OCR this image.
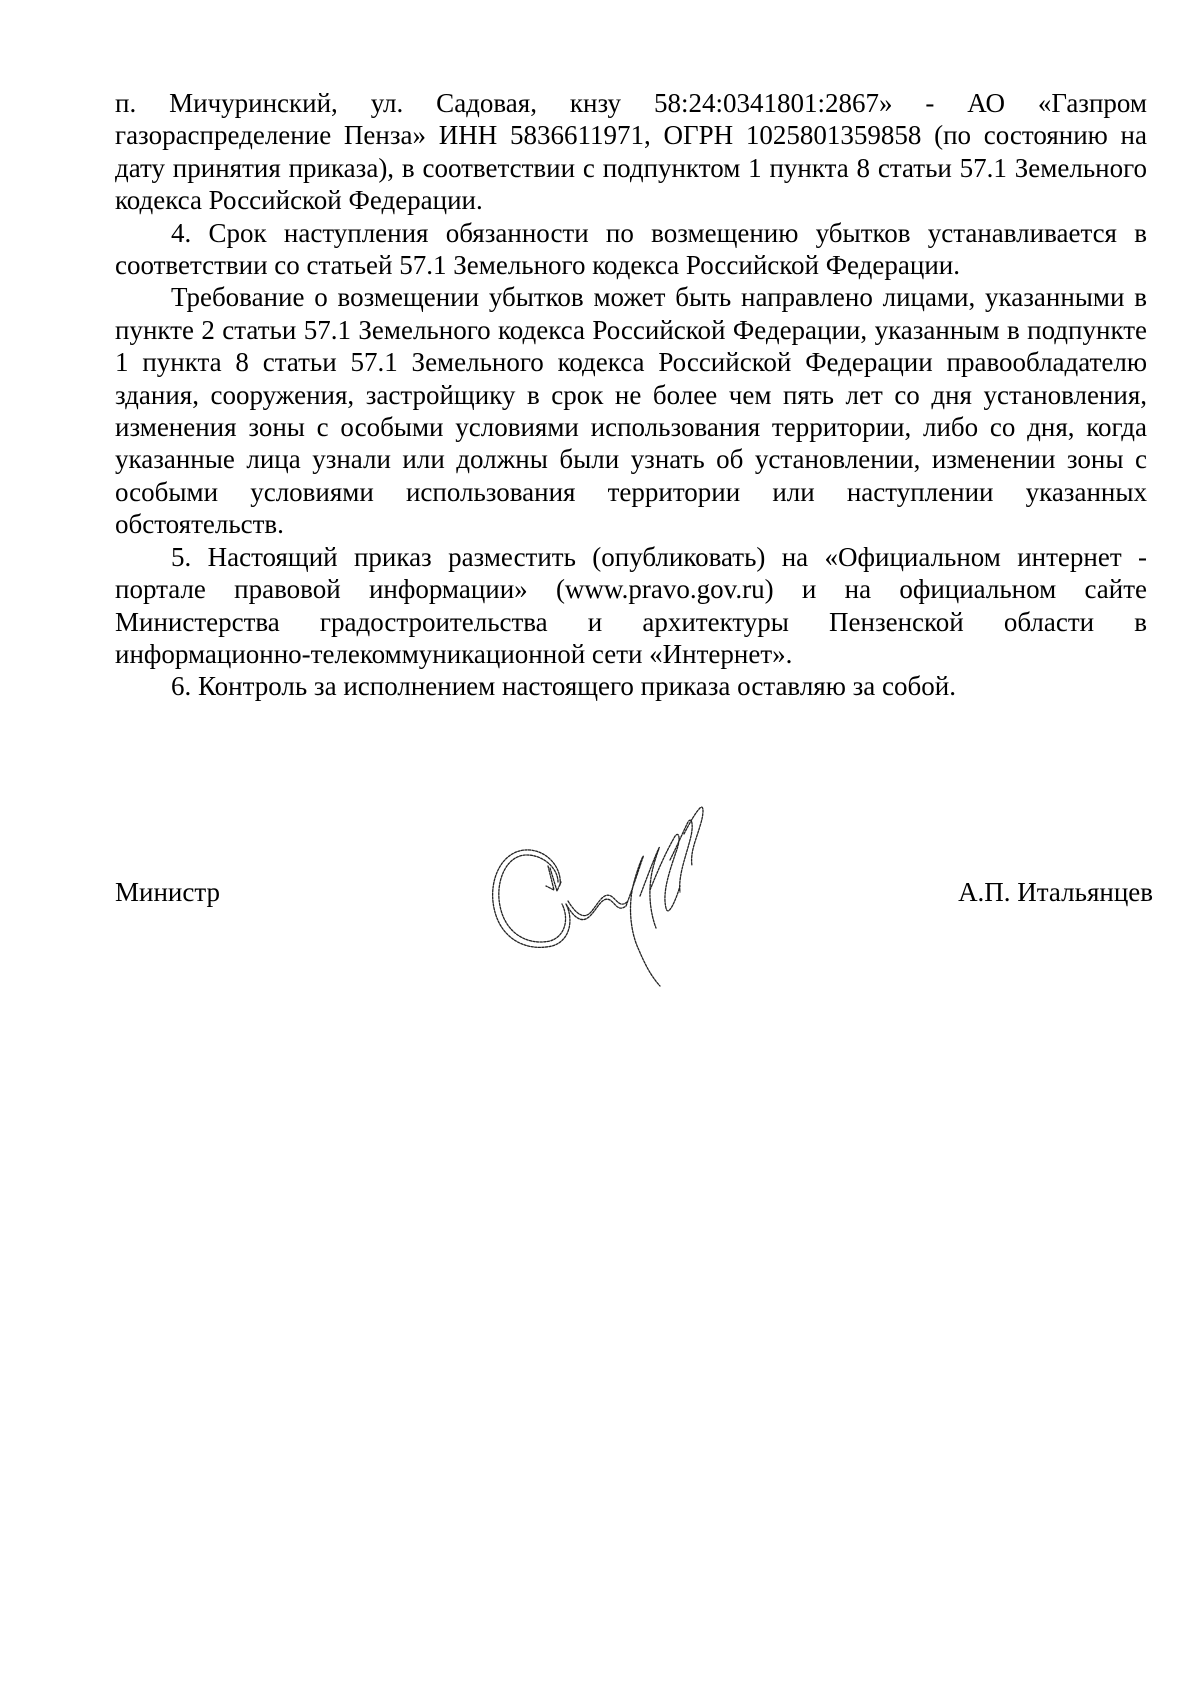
п. Мичуринский, ул. Садовая, кнзу 58:24:0341801:2867» - АО «Газпром газораспределение Пенза» ИНН 5836611971, ОГРН 1025801359858 (по состоянию на дату принятия приказа), в соответствии с подпунктом 1 пункта 8 статьи 57.1 Земельного кодекса Российской Федерации.

4. Срок наступления обязанности по возмещению убытков устанавливается в соответствии со статьей 57.1 Земельного кодекса Российской Федерации.

Требование о возмещении убытков может быть направлено лицами, указанными в пункте 2 статьи 57.1 Земельного кодекса Российской Федерации, указанным в подпункте 1 пункта 8 статьи 57.1 Земельного кодекса Российской Федерации правообладателю здания, сооружения, застройщику в срок не более чем пять лет со дня установления, изменения зоны с особыми условиями использования территории, либо со дня, когда указанные лица узнали или должны были узнать об установлении, изменении зоны с особыми условиями использования территории или наступлении указанных обстоятельств.

5. Настоящий приказ разместить (опубликовать) на «Официальном интернет - портале правовой информации» (www.pravo.gov.ru) и на официальном сайте Министерства градостроительства и архитектуры Пензенской области в информационно-телекоммуникационной сети «Интернет».

6. Контроль за исполнением настоящего приказа оставляю за собой.

Министр	А.П. Итальянцев
